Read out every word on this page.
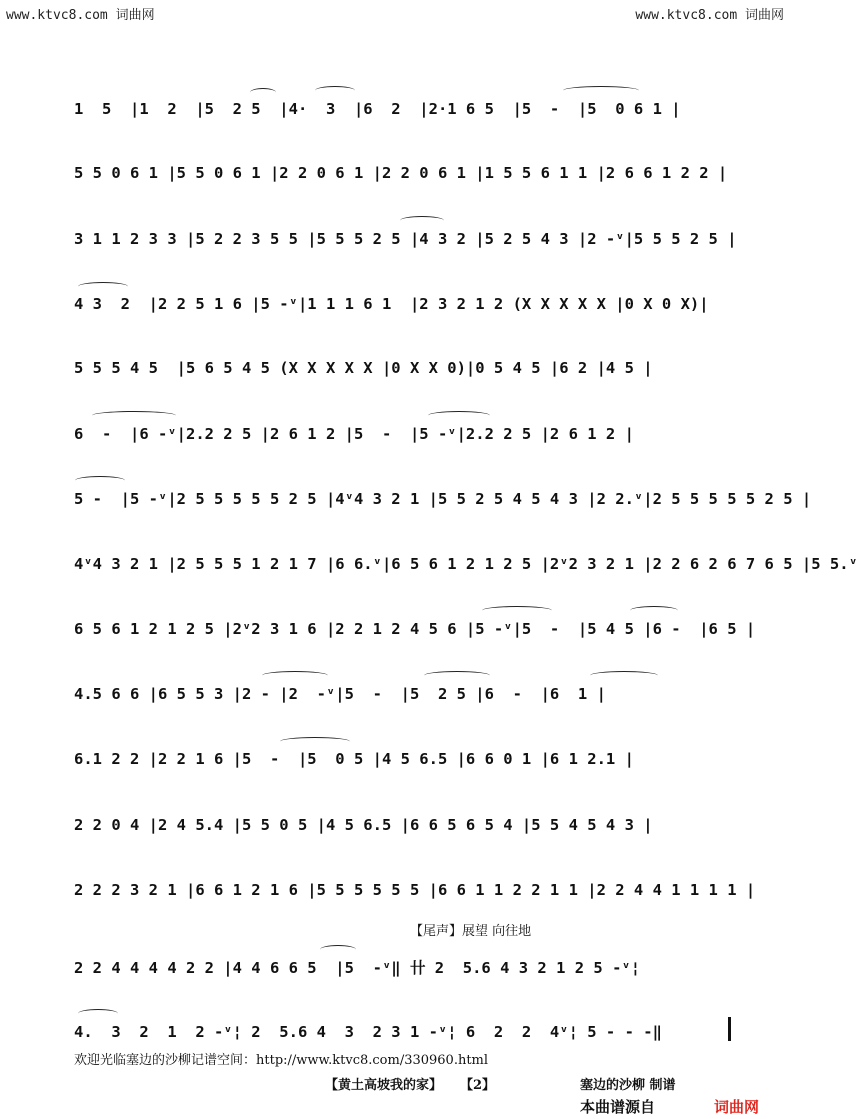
www.ktvc8.com 词曲网	www.ktvc8.com 词曲网
1  5  |1  2  |5  2 5  |4·  3  |6  2  |2·1 6 5  |5  -  |5  0 6 1 |
5 5 0 6 1 |5 5 0 6 1 |2 2 0 6 1 |2 2 0 6 1 |1 5 5 6 1 1 |2 6 6 1 2 2 |
3 1 1 2 3 3 |5 2 2 3 5 5 |5 5 5 2 5 |4 3 2 |5 2 5 4 3 |2 -ᵛ|5 5 5 2 5 |
4 3  2  |2 2 5 1 6 |5 -ᵛ|1 1 1 6 1  |2 3 2 1 2 (X X X X X |0 X 0 X)|
5 5 5 4 5  |5 6 5 4 5 (X X X X X |0 X X 0)|0 5 4 5 |6 2 |4 5 |
6  -  |6 -ᵛ|2.2 2 5 |2 6 1 2 |5  -  |5 -ᵛ|2.2 2 5 |2 6 1 2 |
5 -  |5 -ᵛ|2 5 5 5 5 5 2 5 |4ᵛ4 3 2 1 |5 5 2 5 4 5 4 3 |2 2.ᵛ|2 5 5 5 5 5 2 5 |
4ᵛ4 3 2 1 |2 5 5 5 1 2 1 7 |6 6.ᵛ|6 5 6 1 2 1 2 5 |2ᵛ2 3 2 1 |2 2 6 2 6 7 6 5 |5 5.ᵛ
6 5 6 1 2 1 2 5 |2ᵛ2 3 1 6 |2 2 1 2 4 5 6 |5 -ᵛ|5  -  |5 4 5 |6 -  |6 5 |
4.5 6 6 |6 5 5 3 |2 - |2  -ᵛ|5  -  |5  2 5 |6  -  |6  1 |
6.1 2 2 |2 2 1 6 |5  -  |5  0 5 |4 5 6.5 |6 6 0 1 |6 1 2.1 |
2 2 0 4 |2 4 5.4 |5 5 0 5 |4 5 6.5 |6 6 5 6 5 4 |5 5 4 5 4 3 |
2 2 2 3 2 1 |6 6 1 2 1 6 |5 5 5 5 5 5 |6 6 1 1 2 2 1 1 |2 2 4 4 1 1 1 1 |
2 2 4 4 4 4 2 2 |4 4 6 6 5  |5  -ᵛ‖ 卄 2  5.6 4 3 2 1 2 5 -ᵛ¦
4.  3  2  1  2 -ᵛ¦ 2  5.6 4  3  2 3 1 -ᵛ¦ 6  2  2  4ᵛ¦ 5 - - -‖
【尾声】展望 向往地
欢迎光临塞边的沙柳记谱空间：http://www.ktvc8.com/330960.html
【黄土高坡我的家】 【2】	塞边的沙柳 制谱
本曲谱源自	词曲网
